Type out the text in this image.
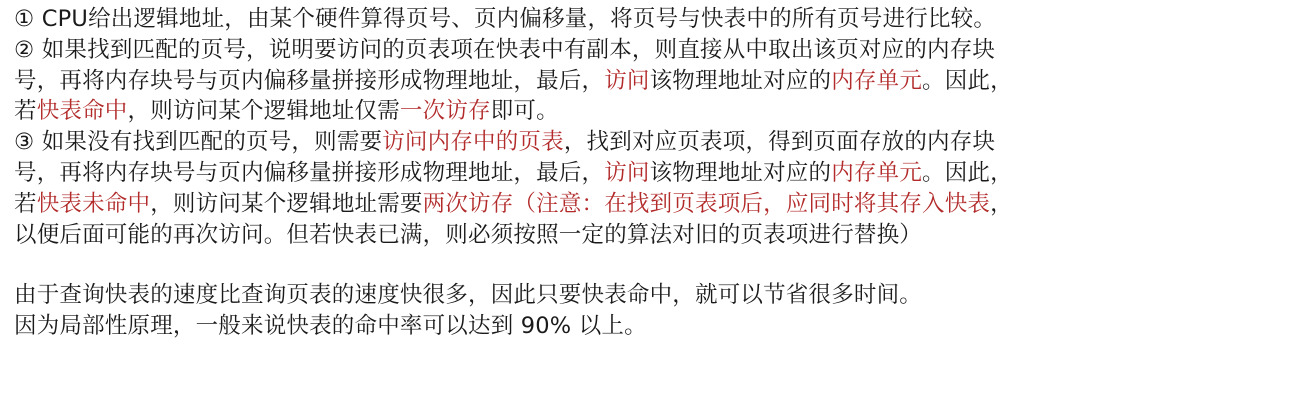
① CPU给出逻辑地址，由某个硬件算得页号、页内偏移量，将页号与快表中的所有页号进行比较。
② 如果找到匹配的页号，说明要访问的页表项在快表中有副本，则直接从中取出该页对应的内存块
号，再将内存块号与页内偏移量拼接形成物理地址，最后，访问该物理地址对应的内存单元。因此，
若快表命中，则访问某个逻辑地址仅需一次访存即可。
③ 如果没有找到匹配的页号，则需要访问内存中的页表，找到对应页表项，得到页面存放的内存块
号，再将内存块号与页内偏移量拼接形成物理地址，最后，访问该物理地址对应的内存单元。因此，
若快表未命中，则访问某个逻辑地址需要两次访存（注意：在找到页表项后，应同时将其存入快表，
以便后面可能的再次访问。但若快表已满，则必须按照一定的算法对旧的页表项进行替换）
由于查询快表的速度比查询页表的速度快很多，因此只要快表命中，就可以节省很多时间。
因为局部性原理，一般来说快表的命中率可以达到 90% 以上。
